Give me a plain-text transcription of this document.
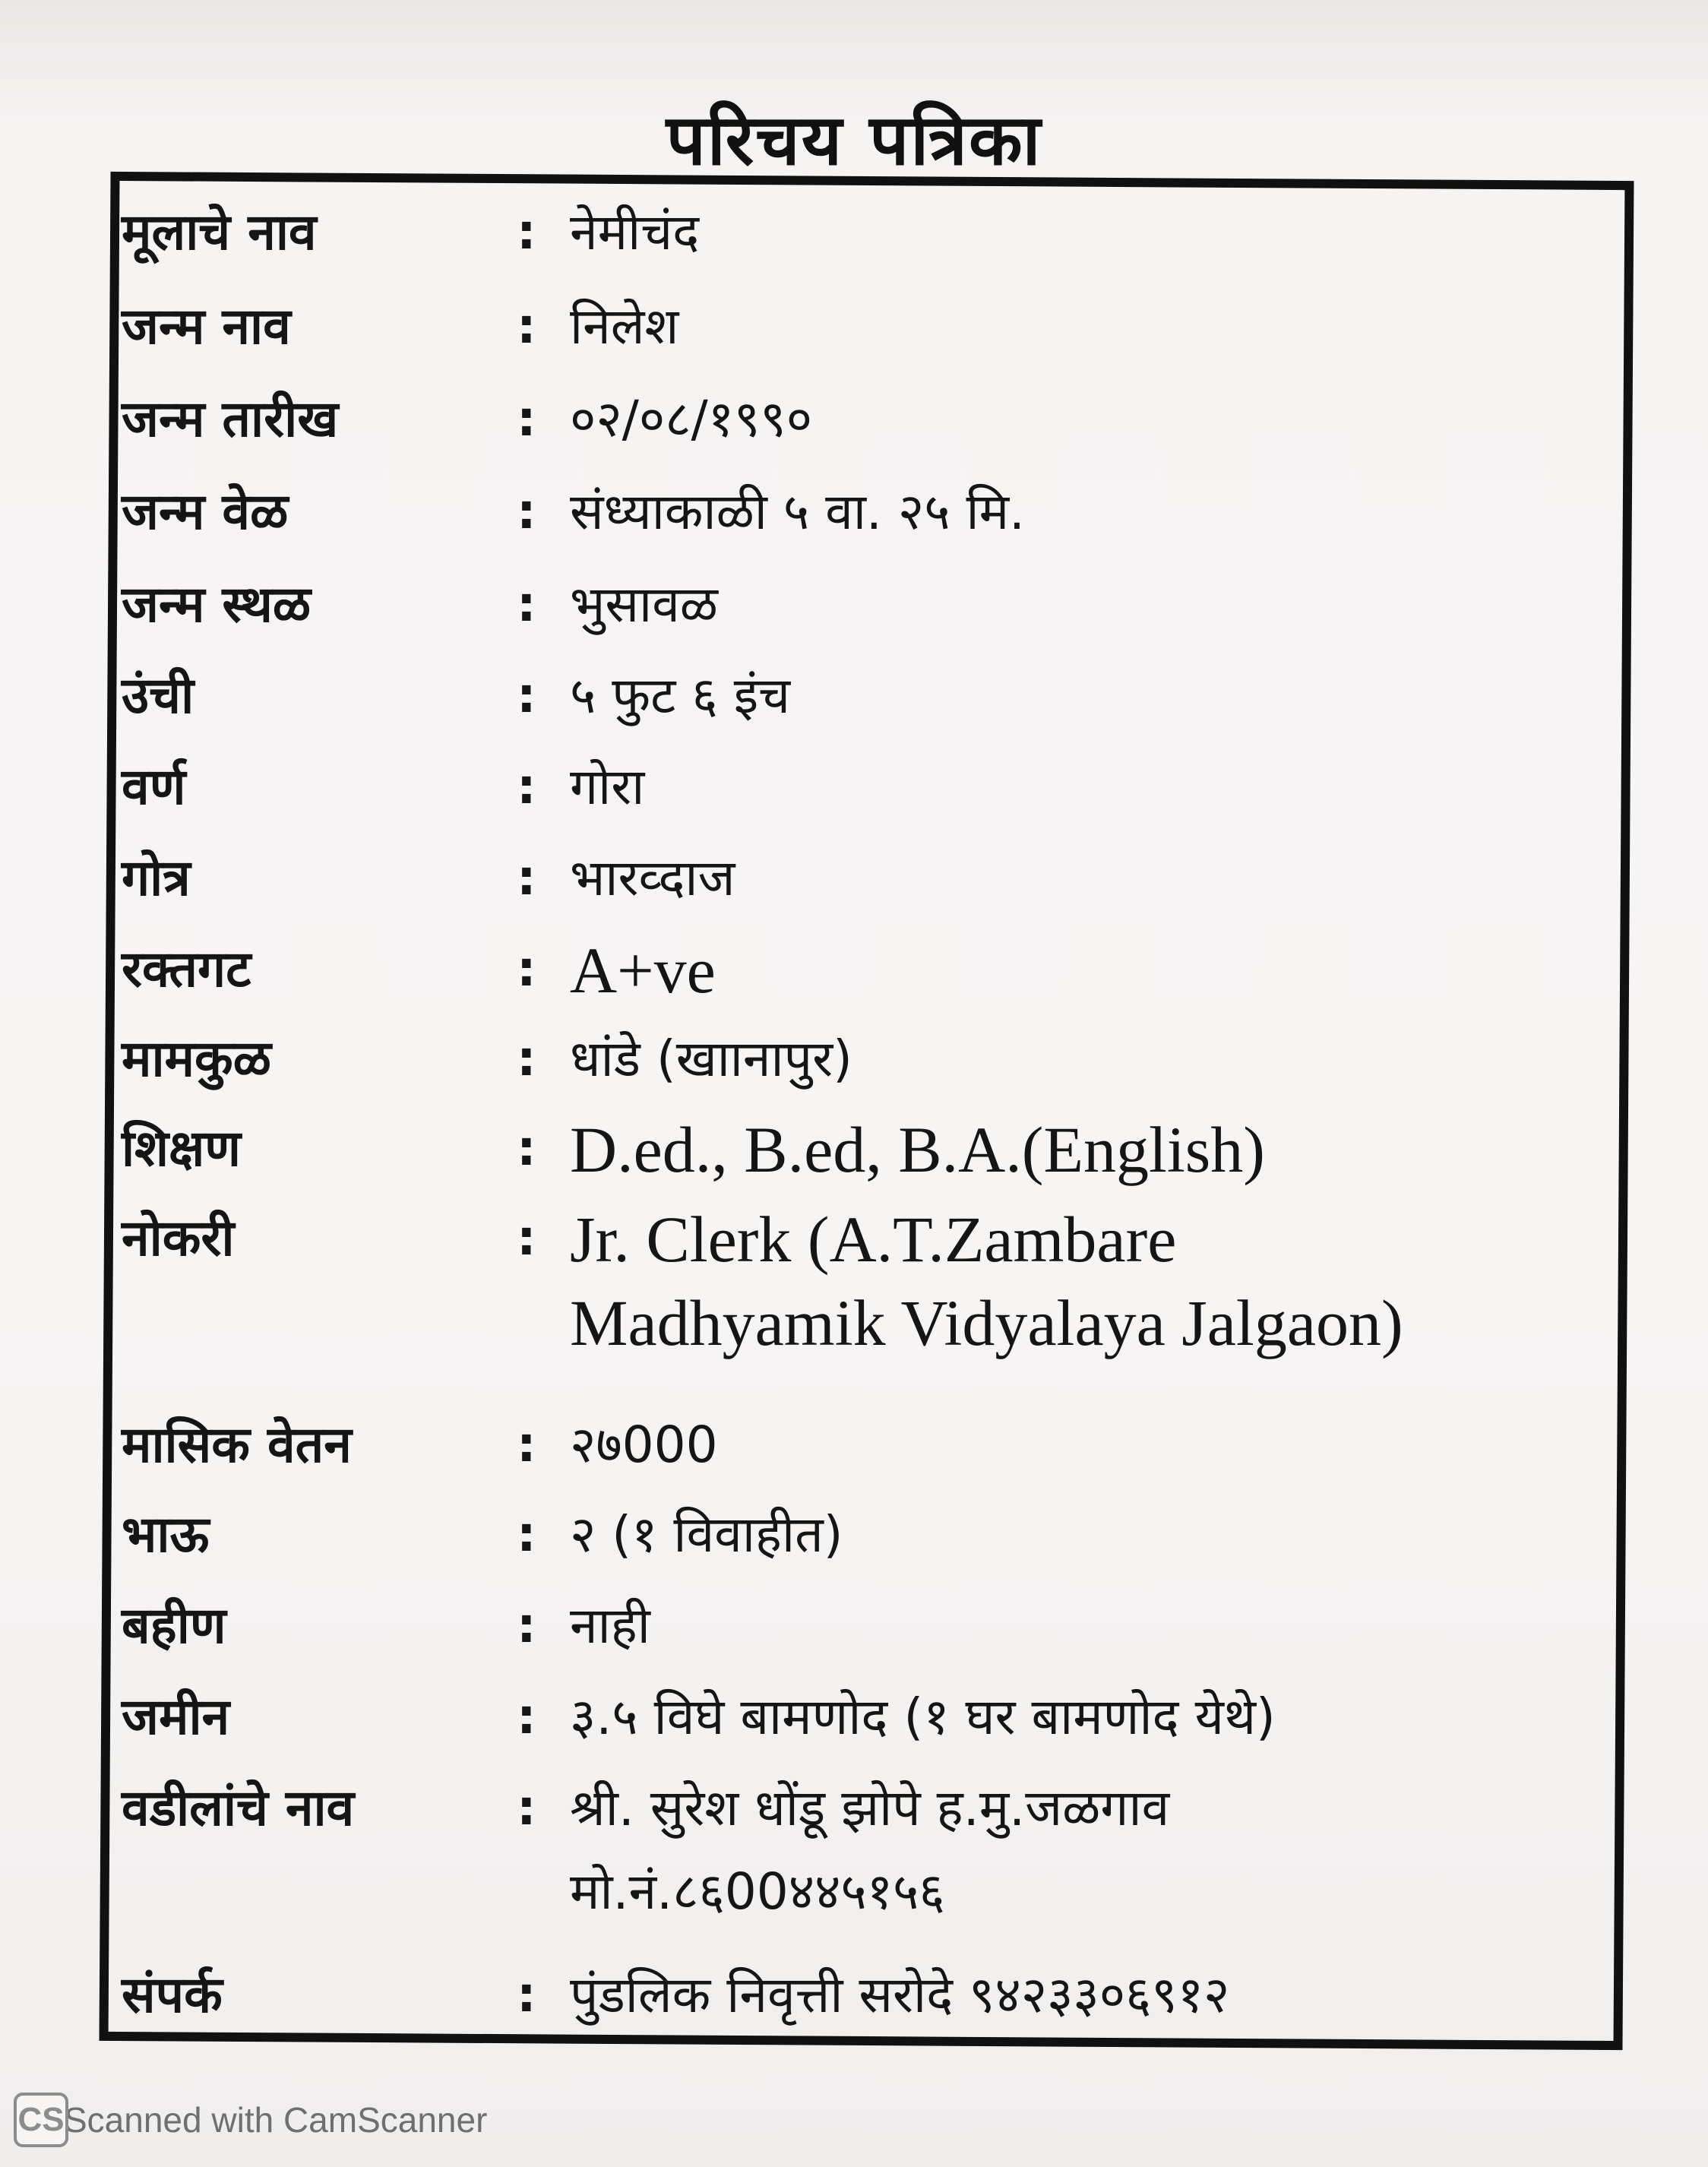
परिचय पत्रिका
मूलाचे नाव	: नेमीचंद
जन्म नाव	: निलेश
जन्म तारीख	: ०२/०८/१९९०
जन्म वेळ	: संध्याकाळी ५ वा. २५ मि.
जन्म स्थळ	: भुसावळ
उंची	: ५ फुट ६ इंच
वर्ण	: गोरा
गोत्र	: भारव्दाज
रक्तगट	: A+ve
मामकुळ	: धांडे (खाानापुर)
शिक्षण	: D.ed., B.ed, B.A.(English)
नोकरी	: Jr. Clerk (A.T.Zambare
Madhyamik Vidyalaya Jalgaon)
मासिक वेतन	: २७000
भाऊ	: २ (१ विवाहीत)
बहीण	: नाही
जमीन	: ३.५ विघे बामणोद (१ घर बामणोद येथे)
वडीलांचे नाव	: श्री. सुरेश धोंडू झोपे ह.मु.जळगाव
मो.नं.८६00४४५१५६
संपर्क	: पुंडलिक निवृत्ती सरोदे ९४२३३०६९१२
CS Scanned with CamScanner
